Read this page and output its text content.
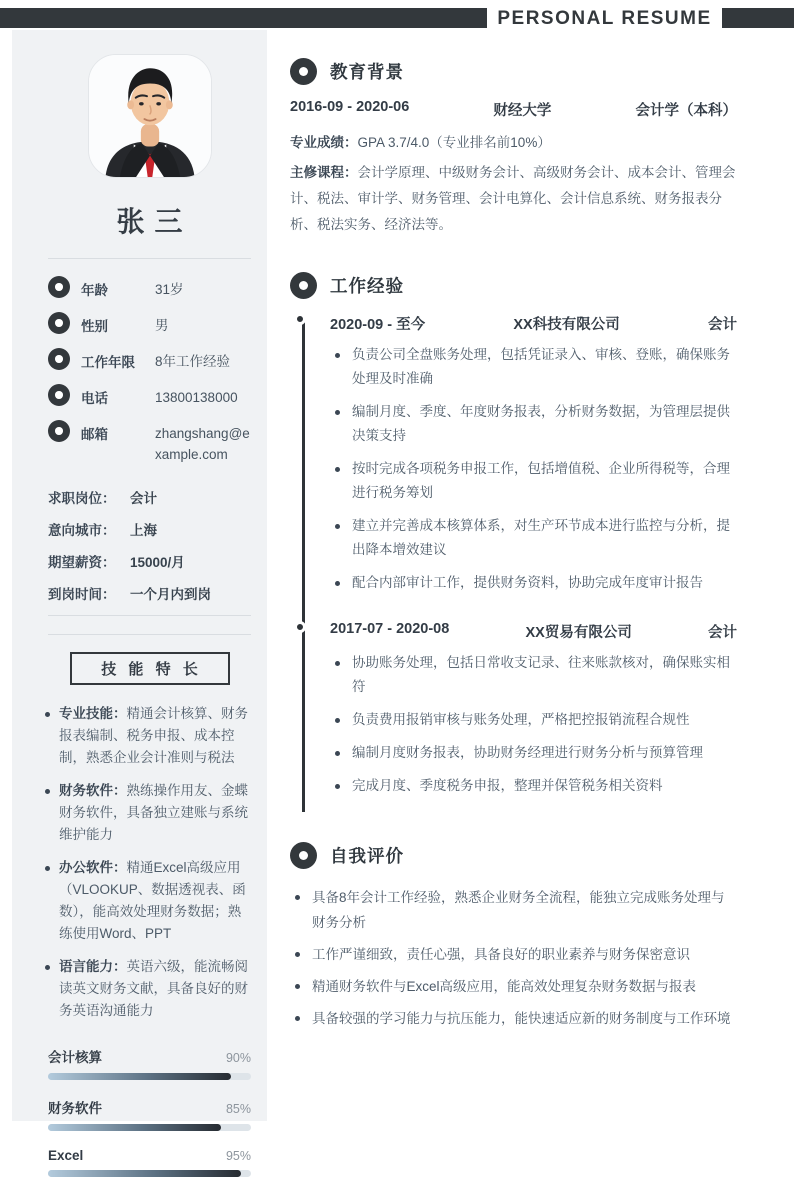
PERSONAL RESUME
张三
年龄	31岁
性别	男
工作年限	8年工作经验
电话	13800138000
邮箱	zhangshang@example.com
求职岗位：	会计
意向城市：	上海
期望薪资：	15000/月
到岗时间：	一个月内到岗
技 能 特 长
专业技能：精通会计核算、财务报表编制、税务申报、成本控制，熟悉企业会计准则与税法
财务软件：熟练操作用友、金蝶财务软件，具备独立建账与系统维护能力
办公软件：精通Excel高级应用（VLOOKUP、数据透视表、函数），能高效处理财务数据；熟练使用Word、PPT
语言能力：英语六级，能流畅阅读英文财务文献，具备良好的财务英语沟通能力
会计核算	90%
财务软件	85%
Excel	95%
教育背景
2016-09 - 2020-06	财经大学	会计学（本科）

专业成绩：GPA 3.7/4.0（专业排名前10%）

主修课程：会计学原理、中级财务会计、高级财务会计、成本会计、管理会计、税法、审计学、财务管理、会计电算化、会计信息系统、财务报表分析、税法实务、经济法等。

工作经验
2020-09 - 至今	XX科技有限公司	会计
负责公司全盘账务处理，包括凭证录入、审核、登账，确保账务处理及时准确
编制月度、季度、年度财务报表，分析财务数据，为管理层提供决策支持
按时完成各项税务申报工作，包括增值税、企业所得税等，合理进行税务筹划
建立并完善成本核算体系，对生产环节成本进行监控与分析，提出降本增效建议
配合内部审计工作，提供财务资料，协助完成年度审计报告
2017-07 - 2020-08	XX贸易有限公司	会计
协助账务处理，包括日常收支记录、往来账款核对，确保账实相符
负责费用报销审核与账务处理，严格把控报销流程合规性
编制月度财务报表，协助财务经理进行财务分析与预算管理
完成月度、季度税务申报，整理并保管税务相关资料
自我评价
具备8年会计工作经验，熟悉企业财务全流程，能独立完成账务处理与财务分析
工作严谨细致，责任心强，具备良好的职业素养与财务保密意识
精通财务软件与Excel高级应用，能高效处理复杂财务数据与报表
具备较强的学习能力与抗压能力，能快速适应新的财务制度与工作环境
